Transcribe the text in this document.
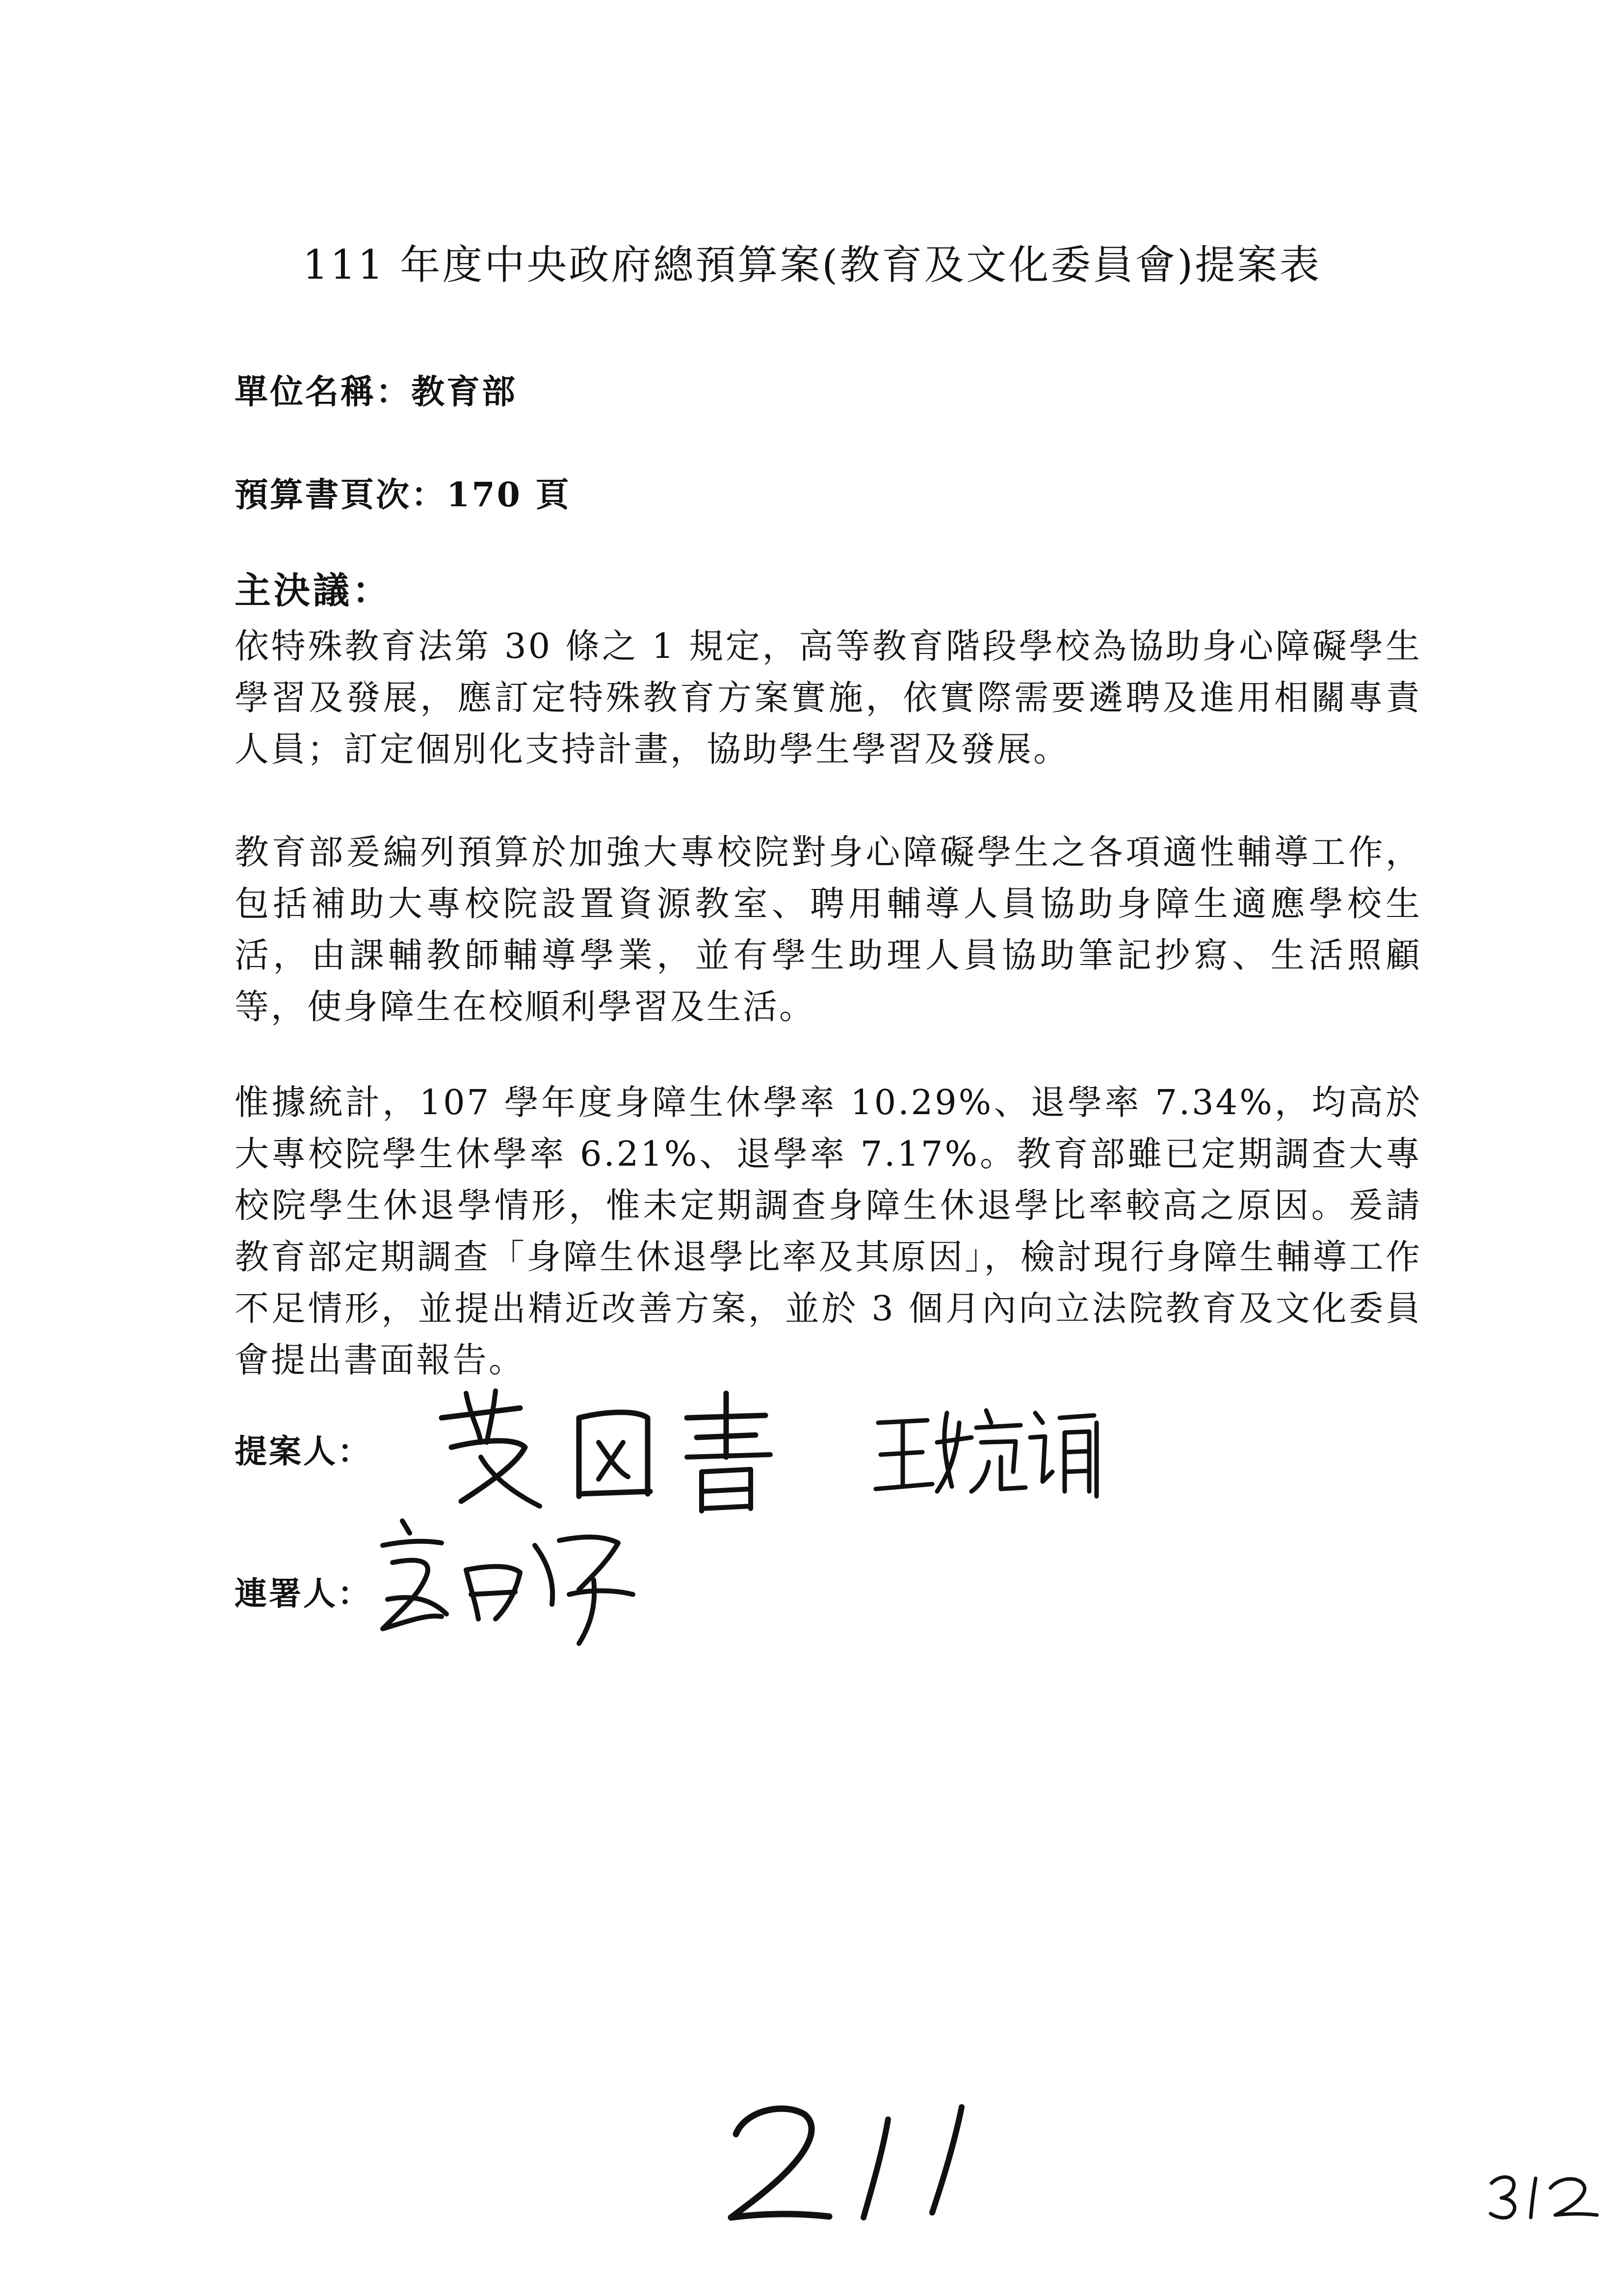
111 年度中央政府總預算案(教育及文化委員會)提案表
單位名稱：教育部
預算書頁次：170 頁
主決議：

依特殊教育法第 30 條之 1 規定，高等教育階段學校為協助身心障礙學生學習及發展，應訂定特殊教育方案實施，依實際需要遴聘及進用相關專責人員；訂定個別化支持計畫，協助學生學習及發展。

教育部爰編列預算於加強大專校院對身心障礙學生之各項適性輔導工作，包括補助大專校院設置資源教室、聘用輔導人員協助身障生適應學校生活，由課輔教師輔導學業，並有學生助理人員協助筆記抄寫、生活照顧等，使身障生在校順利學習及生活。

惟據統計，107 學年度身障生休學率 10.29%、退學率 7.34%，均高於大專校院學生休學率 6.21%、退學率 7.17%。教育部雖已定期調查大專校院學生休退學情形，惟未定期調查身障生休退學比率較高之原因。爰請教育部定期調查「身障生休退學比率及其原因」，檢討現行身障生輔導工作不足情形，並提出精近改善方案，並於 3 個月內向立法院教育及文化委員會提出書面報告。

提案人：
連署人：
